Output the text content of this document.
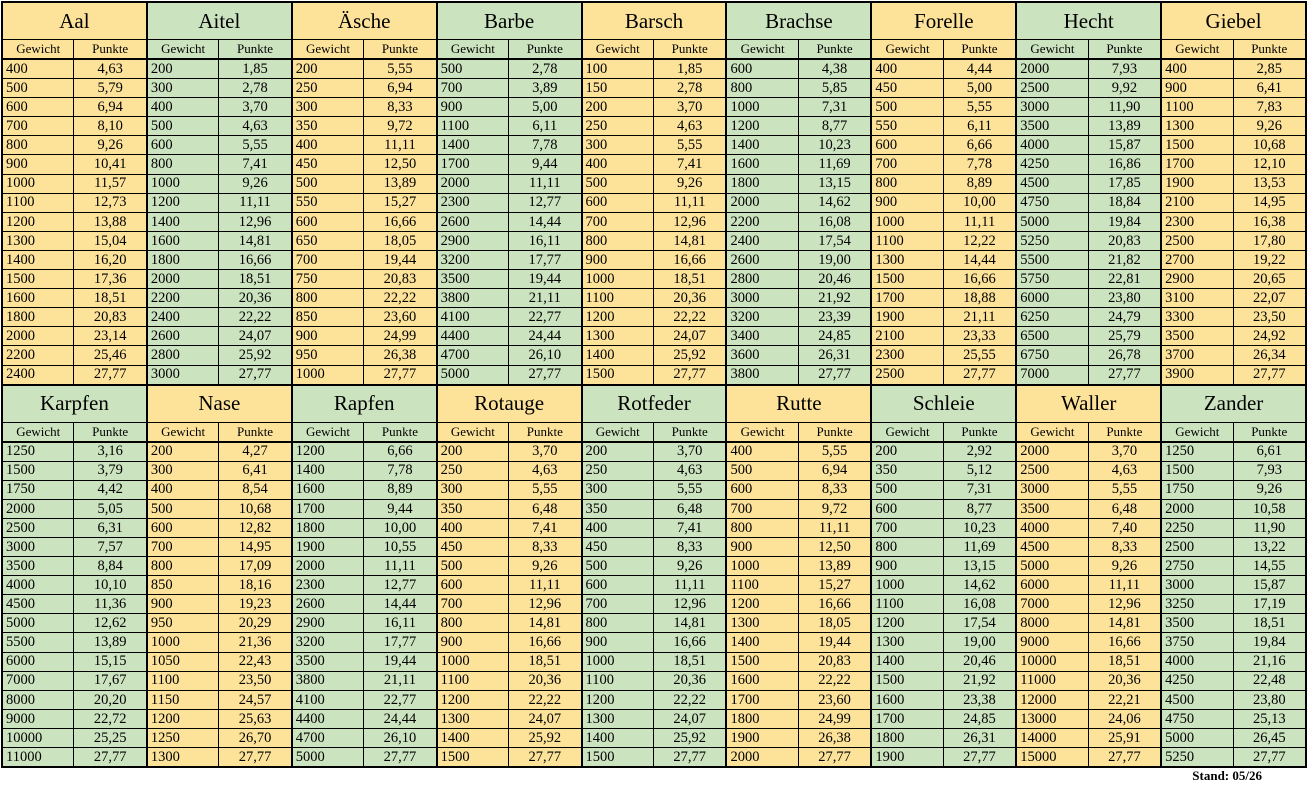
Aal
Gewicht	Punkte
400	4,63
500	5,79
600	6,94
700	8,10
800	9,26
900	10,41
1000	11,57
1100	12,73
1200	13,88
1300	15,04
1400	16,20
1500	17,36
1600	18,51
1800	20,83
2000	23,14
2200	25,46
2400	27,77
Aitel
Gewicht	Punkte
200	1,85
300	2,78
400	3,70
500	4,63
600	5,55
800	7,41
1000	9,26
1200	11,11
1400	12,96
1600	14,81
1800	16,66
2000	18,51
2200	20,36
2400	22,22
2600	24,07
2800	25,92
3000	27,77
Äsche
Gewicht	Punkte
200	5,55
250	6,94
300	8,33
350	9,72
400	11,11
450	12,50
500	13,89
550	15,27
600	16,66
650	18,05
700	19,44
750	20,83
800	22,22
850	23,60
900	24,99
950	26,38
1000	27,77
Barbe
Gewicht	Punkte
500	2,78
700	3,89
900	5,00
1100	6,11
1400	7,78
1700	9,44
2000	11,11
2300	12,77
2600	14,44
2900	16,11
3200	17,77
3500	19,44
3800	21,11
4100	22,77
4400	24,44
4700	26,10
5000	27,77
Barsch
Gewicht	Punkte
100	1,85
150	2,78
200	3,70
250	4,63
300	5,55
400	7,41
500	9,26
600	11,11
700	12,96
800	14,81
900	16,66
1000	18,51
1100	20,36
1200	22,22
1300	24,07
1400	25,92
1500	27,77
Brachse
Gewicht	Punkte
600	4,38
800	5,85
1000	7,31
1200	8,77
1400	10,23
1600	11,69
1800	13,15
2000	14,62
2200	16,08
2400	17,54
2600	19,00
2800	20,46
3000	21,92
3200	23,39
3400	24,85
3600	26,31
3800	27,77
Forelle
Gewicht	Punkte
400	4,44
450	5,00
500	5,55
550	6,11
600	6,66
700	7,78
800	8,89
900	10,00
1000	11,11
1100	12,22
1300	14,44
1500	16,66
1700	18,88
1900	21,11
2100	23,33
2300	25,55
2500	27,77
Hecht
Gewicht	Punkte
2000	7,93
2500	9,92
3000	11,90
3500	13,89
4000	15,87
4250	16,86
4500	17,85
4750	18,84
5000	19,84
5250	20,83
5500	21,82
5750	22,81
6000	23,80
6250	24,79
6500	25,79
6750	26,78
7000	27,77
Giebel
Gewicht	Punkte
400	2,85
900	6,41
1100	7,83
1300	9,26
1500	10,68
1700	12,10
1900	13,53
2100	14,95
2300	16,38
2500	17,80
2700	19,22
2900	20,65
3100	22,07
3300	23,50
3500	24,92
3700	26,34
3900	27,77
Karpfen
Gewicht	Punkte
1250	3,16
1500	3,79
1750	4,42
2000	5,05
2500	6,31
3000	7,57
3500	8,84
4000	10,10
4500	11,36
5000	12,62
5500	13,89
6000	15,15
7000	17,67
8000	20,20
9000	22,72
10000	25,25
11000	27,77
Nase
Gewicht	Punkte
200	4,27
300	6,41
400	8,54
500	10,68
600	12,82
700	14,95
800	17,09
850	18,16
900	19,23
950	20,29
1000	21,36
1050	22,43
1100	23,50
1150	24,57
1200	25,63
1250	26,70
1300	27,77
Rapfen
Gewicht	Punkte
1200	6,66
1400	7,78
1600	8,89
1700	9,44
1800	10,00
1900	10,55
2000	11,11
2300	12,77
2600	14,44
2900	16,11
3200	17,77
3500	19,44
3800	21,11
4100	22,77
4400	24,44
4700	26,10
5000	27,77
Rotauge
Gewicht	Punkte
200	3,70
250	4,63
300	5,55
350	6,48
400	7,41
450	8,33
500	9,26
600	11,11
700	12,96
800	14,81
900	16,66
1000	18,51
1100	20,36
1200	22,22
1300	24,07
1400	25,92
1500	27,77
Rotfeder
Gewicht	Punkte
200	3,70
250	4,63
300	5,55
350	6,48
400	7,41
450	8,33
500	9,26
600	11,11
700	12,96
800	14,81
900	16,66
1000	18,51
1100	20,36
1200	22,22
1300	24,07
1400	25,92
1500	27,77
Rutte
Gewicht	Punkte
400	5,55
500	6,94
600	8,33
700	9,72
800	11,11
900	12,50
1000	13,89
1100	15,27
1200	16,66
1300	18,05
1400	19,44
1500	20,83
1600	22,22
1700	23,60
1800	24,99
1900	26,38
2000	27,77
Schleie
Gewicht	Punkte
200	2,92
350	5,12
500	7,31
600	8,77
700	10,23
800	11,69
900	13,15
1000	14,62
1100	16,08
1200	17,54
1300	19,00
1400	20,46
1500	21,92
1600	23,38
1700	24,85
1800	26,31
1900	27,77
Waller
Gewicht	Punkte
2000	3,70
2500	4,63
3000	5,55
3500	6,48
4000	7,40
4500	8,33
5000	9,26
6000	11,11
7000	12,96
8000	14,81
9000	16,66
10000	18,51
11000	20,36
12000	22,21
13000	24,06
14000	25,91
15000	27,77
Zander
Gewicht	Punkte
1250	6,61
1500	7,93
1750	9,26
2000	10,58
2250	11,90
2500	13,22
2750	14,55
3000	15,87
3250	17,19
3500	18,51
3750	19,84
4000	21,16
4250	22,48
4500	23,80
4750	25,13
5000	26,45
5250	27,77
Stand: 05/26
